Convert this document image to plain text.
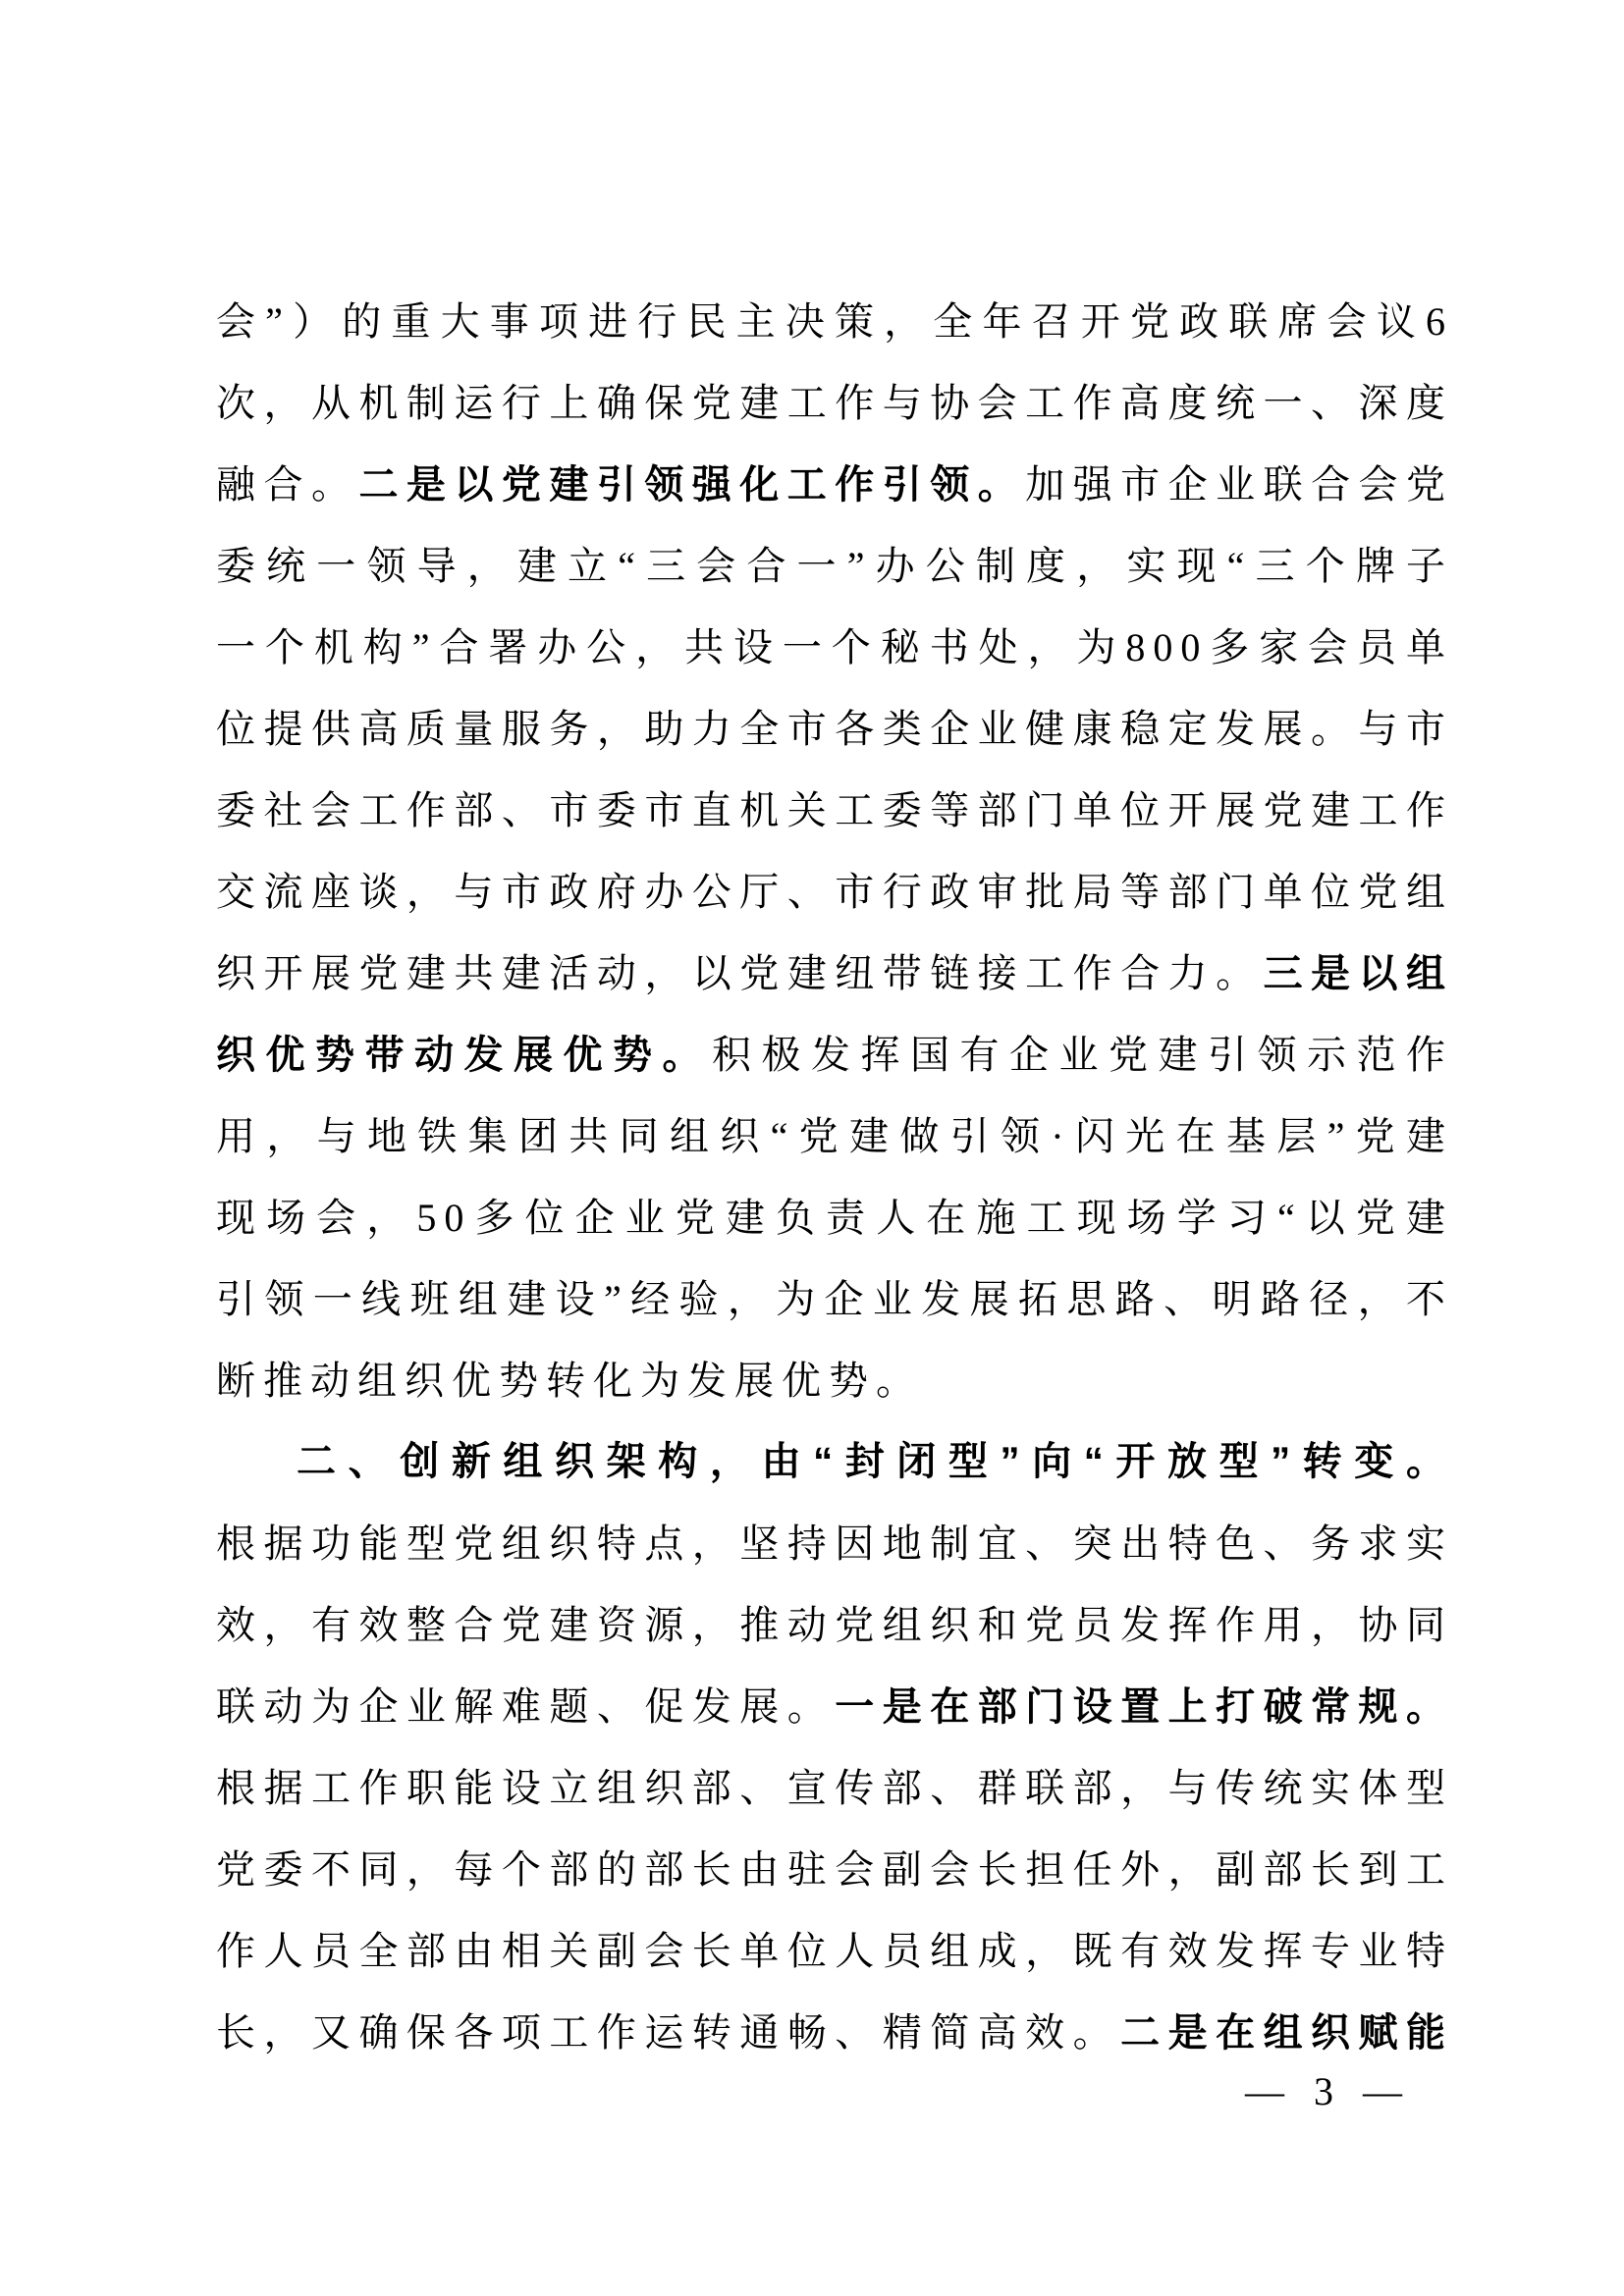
会”）的重大事项进行民主决策，全年召开党政联席会议6
次，从机制运行上确保党建工作与协会工作高度统一、深度
融合。二是以党建引领强化工作引领。加强市企业联合会党
委统一领导，建立“三会合一”办公制度，实现“三个牌子
一个机构”合署办公，共设一个秘书处，为800多家会员单
位提供高质量服务，助力全市各类企业健康稳定发展。与市
委社会工作部、市委市直机关工委等部门单位开展党建工作
交流座谈，与市政府办公厅、市行政审批局等部门单位党组
织开展党建共建活动，以党建纽带链接工作合力。三是以组
织优势带动发展优势。积极发挥国有企业党建引领示范作
用，与地铁集团共同组织“党建做引领·闪光在基层”党建
现场会，50多位企业党建负责人在施工现场学习“以党建
引领一线班组建设”经验，为企业发展拓思路、明路径，不
断推动组织优势转化为发展优势。
二、创新组织架构，由“封闭型”向“开放型”转变。
根据功能型党组织特点，坚持因地制宜、突出特色、务求实
效，有效整合党建资源，推动党组织和党员发挥作用，协同
联动为企业解难题、促发展。一是在部门设置上打破常规。
根据工作职能设立组织部、宣传部、群联部，与传统实体型
党委不同，每个部的部长由驻会副会长担任外，副部长到工
作人员全部由相关副会长单位人员组成，既有效发挥专业特
长，又确保各项工作运转通畅、精简高效。二是在组织赋能
— 3 —
